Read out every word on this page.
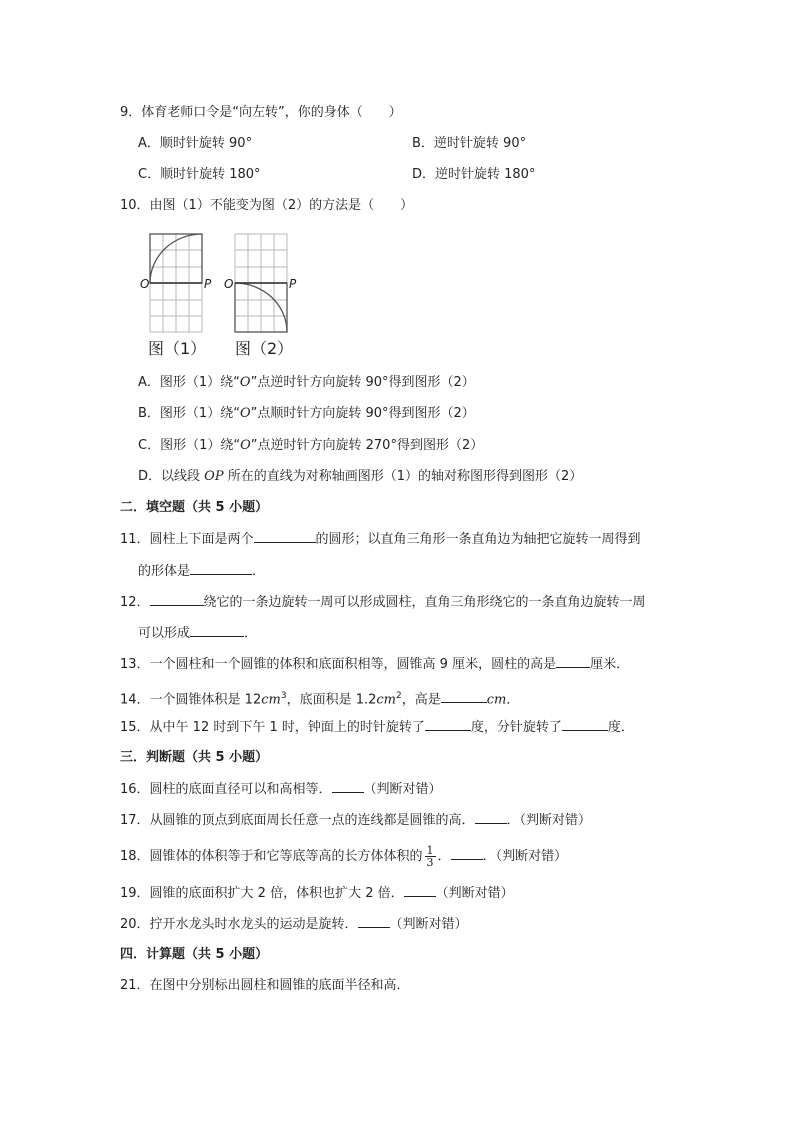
9．体育老师口令是“向左转”，你的身体（　　）
A．顺时针旋转 90°	B．逆时针旋转 90°
C．顺时针旋转 180°	D．逆时针旋转 180°
10．由图（1）不能变为图（2）的方法是（　　）
O	P O	P
图（1） 图（2）
A．图形（1）绕“O”点逆时针方向旋转 90°得到图形（2）
B．图形（1）绕“O”点顺时针方向旋转 90°得到图形（2）
C．图形（1）绕“O”点逆时针方向旋转 270°得到图形（2）
D．以线段 OP 所在的直线为对称轴画图形（1）的轴对称图形得到图形（2）
二．填空题（共 5 小题）
11．圆柱上下面是两个	的圆形；以直角三角形一条直角边为轴把它旋转一周得到
的形体是	．
12．	绕它的一条边旋转一周可以形成圆柱，直角三角形绕它的一条直角边旋转一周
可以形成	．
13．一个圆柱和一个圆锥的体积和底面积相等，圆锥高 9 厘米，圆柱的高是	厘米．
14．一个圆锥体积是 $12cm^3$，底面积是 $1.2cm^2$，高是	cm．
15．从中午 12 时到下午 1 时，钟面上的时针旋转了	度，分针旋转了	度．
三．判断题（共 5 小题）
16．圆柱的底面直径可以和高相等． （判断对错）
17．从圆锥的顶点到底面周长任意一点的连线都是圆锥的高． ．（判断对错）
18．圆锥体的体积等于和它等底等高的长方体体积的 $\frac{1}{3}$ ． ．（判断对错）
19．圆锥的底面积扩大 2 倍，体积也扩大 2 倍． （判断对错）
20．拧开水龙头时水龙头的运动是旋转． （判断对错）
四．计算题（共 5 小题）
21．在图中分别标出圆柱和圆锥的底面半径和高．
